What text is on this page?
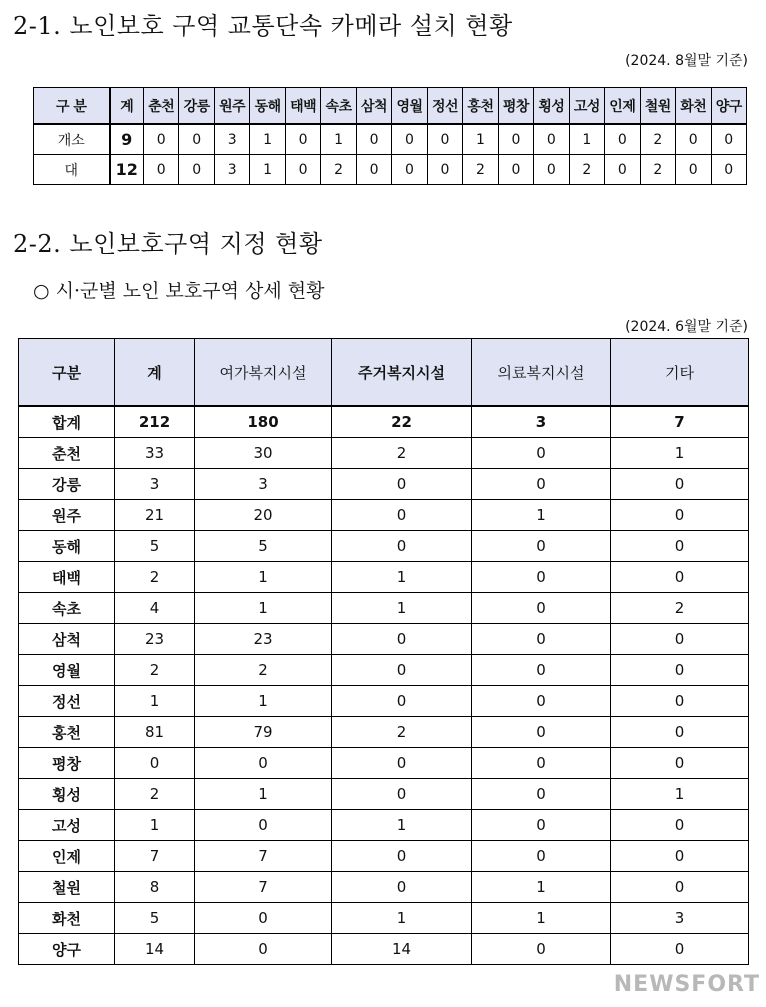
2-1. 노인보호 구역 교통단속 카메라 설치 현황
(2024. 8월말 기준)
구 분	계	춘천	강릉	원주	동해	태백	속초	삼척	영월	정선	홍천	평창	횡성	고성	인제	철원	화천	양구
개소	9	0	0	3	1	0	1	0	0	0	1	0	0	1	0	2	0	0
대	12	0	0	3	1	0	2	0	0	0	2	0	0	2	0	2	0	0
2-2. 노인보호구역 지정 현황
○ 시·군별 노인 보호구역 상세 현황
(2024. 6월말 기준)
구분	계	여가복지시설	주거복지시설	의료복지시설	기타
합계	212	180	22	3	7
춘천	33	30	2	0	1
강릉	3	3	0	0	0
원주	21	20	0	1	0
동해	5	5	0	0	0
태백	2	1	1	0	0
속초	4	1	1	0	2
삼척	23	23	0	0	0
영월	2	2	0	0	0
정선	1	1	0	0	0
홍천	81	79	2	0	0
평창	0	0	0	0	0
횡성	2	1	0	0	1
고성	1	0	1	0	0
인제	7	7	0	0	0
철원	8	7	0	1	0
화천	5	0	1	1	3
양구	14	0	14	0	0
NEWSFORT
